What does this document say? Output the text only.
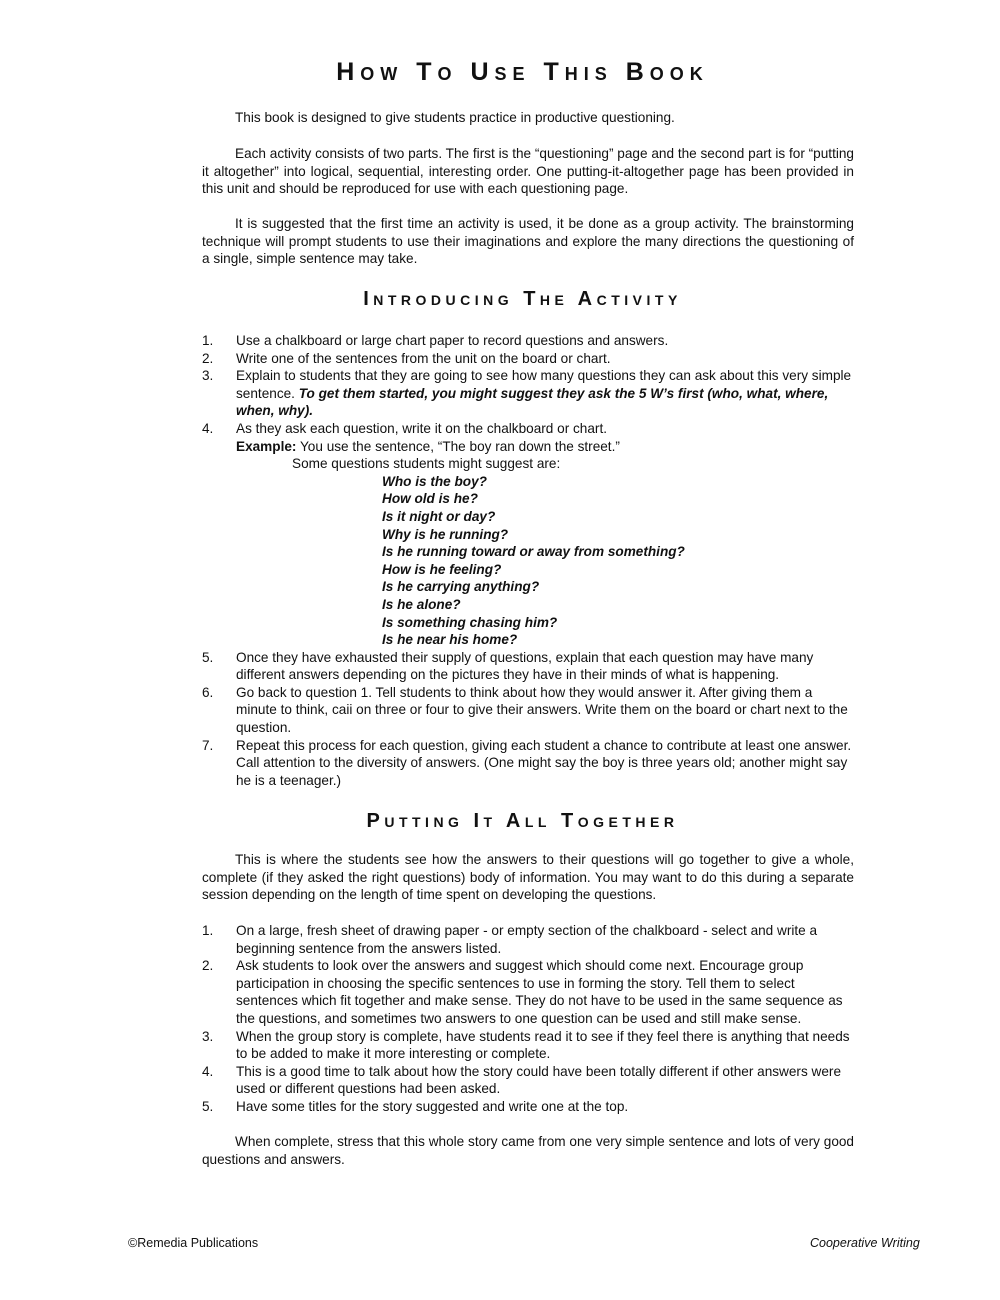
How To Use This Book

This book is designed to give students practice in productive questioning.

Each activity consists of two parts. The first is the “questioning” page and the second part is for “putting it altogether” into logical, sequential, interesting order. One putting-it-altogether page has been provided in this unit and should be reproduced for use with each questioning page.

It is suggested that the first time an activity is used, it be done as a group activity. The brainstorming technique will prompt students to use their imaginations and explore the many directions the questioning of a single, simple sentence may take.

Introducing The Activity
1. Use a chalkboard or large chart paper to record questions and answers.
2. Write one of the sentences from the unit on the board or chart.
3. Explain to students that they are going to see how many questions they can ask about this very simple sentence. To get them started, you might suggest they ask the 5 W’s first (who, what, where, when, why).
4. As they ask each question, write it on the chalkboard or chart.
Example: You use the sentence, “The boy ran down the street.”
Some questions students might suggest are:
Who is the boy?
How old is he?
Is it night or day?
Why is he running?
Is he running toward or away from something?
How is he feeling?
Is he carrying anything?
Is he alone?
Is something chasing him?
Is he near his home?
5. Once they have exhausted their supply of questions, explain that each question may have many different answers depending on the pictures they have in their minds of what is happening.
6. Go back to question 1. Tell students to think about how they would answer it. After giving them a minute to think, caii on three or four to give their answers. Write them on the board or chart next to the question.
7. Repeat this process for each question, giving each student a chance to contribute at least one answer. Call attention to the diversity of answers. (One might say the boy is three years old; another might say he is a teenager.)
Putting It All Together

This is where the students see how the answers to their questions will go together to give a whole, complete (if they asked the right questions) body of information. You may want to do this during a separate session depending on the length of time spent on developing the questions.

1. On a large, fresh sheet of drawing paper - or empty section of the chalkboard - select and write a beginning sentence from the answers listed.
2. Ask students to look over the answers and suggest which should come next. Encourage group participation in choosing the specific sentences to use in forming the story. Tell them to select sentences which fit together and make sense. They do not have to be used in the same sequence as the questions, and sometimes two answers to one question can be used and still make sense.
3. When the group story is complete, have students read it to see if they feel there is anything that needs to be added to make it more interesting or complete.
4. This is a good time to talk about how the story could have been totally different if other answers were used or different questions had been asked.
5. Have some titles for the story suggested and write one at the top.

When complete, stress that this whole story came from one very simple sentence and lots of very good questions and answers.

©Remedia Publications	Cooperative Writing
